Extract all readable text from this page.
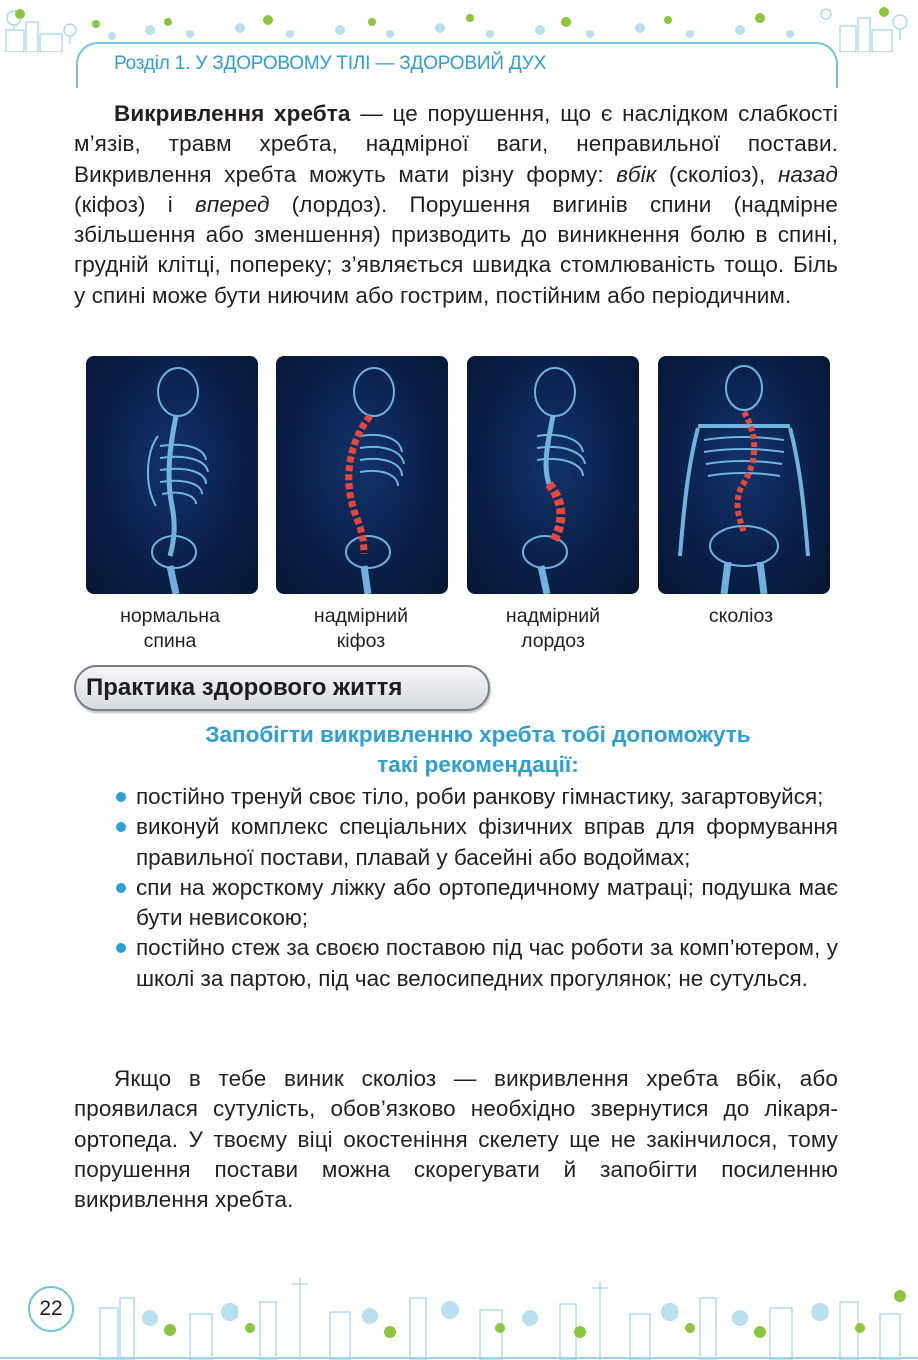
Розділ 1. У ЗДОРОВОМУ ТІЛІ — ЗДОРОВИЙ ДУХ
Викривлення хребта — це порушення, що є наслідком слабкості м’язів, травм хребта, надмірної ваги, неправильної постави. Викривлення хребта можуть мати різну форму: вбік (сколіоз), назад (кіфоз) і вперед (лордоз). Порушення вигинів спини (надмірне збільшення або зменшення) призводить до виникнення болю в спині, грудній клітці, попереку; з’являється швидка стомлюваність тощо. Біль у спині може бути ниючим або гострим, постійним або періодичним.
нормальна
спина
надмірний
кіфоз
надмірний
лордоз
сколіоз
Практика здорового життя
Запобігти викривленню хребта тобі допоможуть
такі рекомендації:
постійно тренуй своє тіло, роби ранкову гімнастику, загартовуйся;
виконуй комплекс спеціальних фізичних вправ для формування правильної постави, плавай у басейні або водоймах;
спи на жорсткому ліжку або ортопедичному матраці; подушка має бути невисокою;
постійно стеж за своєю поставою під час роботи за комп’ютером, у школі за партою, під час велосипедних прогулянок; не сутулься.
Якщо в тебе виник сколіоз — викривлення хребта вбік, або проявилася сутулість, обов’язково необхідно звернутися до лікаря-ортопеда. У твоєму віці окостеніння скелету ще не закінчилося, тому порушення постави можна скорегувати й запобігти посиленню викривлення хребта.
22
